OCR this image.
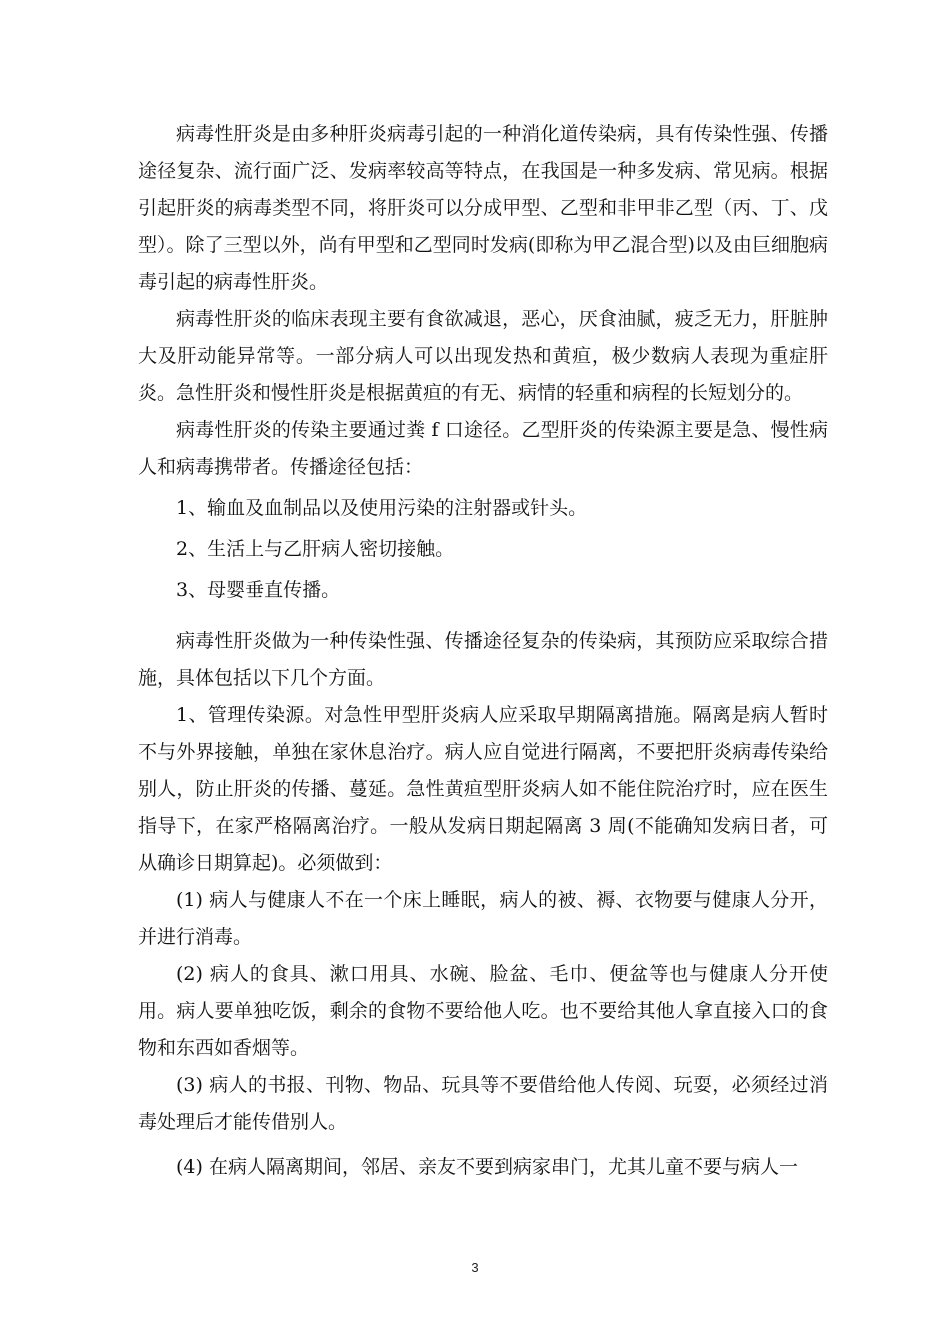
病毒性肝炎是由多种肝炎病毒引起的一种消化道传染病，具有传染性强、传播途径复杂、流行面广泛、发病率较高等特点，在我国是一种多发病、常见病。根据引起肝炎的病毒类型不同，将肝炎可以分成甲型、乙型和非甲非乙型（丙、丁、戊型）。除了三型以外，尚有甲型和乙型同时发病(即称为甲乙混合型)以及由巨细胞病毒引起的病毒性肝炎。

病毒性肝炎的临床表现主要有食欲减退，恶心，厌食油腻，疲乏无力，肝脏肿大及肝动能异常等。一部分病人可以出现发热和黄疸，极少数病人表现为重症肝炎。急性肝炎和慢性肝炎是根据黄疸的有无、病情的轻重和病程的长短划分的。

病毒性肝炎的传染主要通过粪 f 口途径。乙型肝炎的传染源主要是急、慢性病人和病毒携带者。传播途径包括：

1、输血及血制品以及使用污染的注射器或针头。

2、生活上与乙肝病人密切接触。

3、母婴垂直传播。

病毒性肝炎做为一种传染性强、传播途径复杂的传染病，其预防应采取综合措施，具体包括以下几个方面。

1、管理传染源。对急性甲型肝炎病人应采取早期隔离措施。隔离是病人暂时不与外界接触，单独在家休息治疗。病人应自觉进行隔离，不要把肝炎病毒传染给别人，防止肝炎的传播、蔓延。急性黄疸型肝炎病人如不能住院治疗时，应在医生指导下，在家严格隔离治疗。一般从发病日期起隔离 3 周(不能确知发病日者，可从确诊日期算起)。必须做到：

(1) 病人与健康人不在一个床上睡眠，病人的被、褥、衣物要与健康人分开，并进行消毒。

(2) 病人的食具、漱口用具、水碗、脸盆、毛巾、便盆等也与健康人分开使用。病人要单独吃饭，剩余的食物不要给他人吃。也不要给其他人拿直接入口的食物和东西如香烟等。

(3) 病人的书报、刊物、物品、玩具等不要借给他人传阅、玩耍，必须经过消毒处理后才能传借别人。

(4) 在病人隔离期间，邻居、亲友不要到病家串门，尤其儿童不要与病人一

3
